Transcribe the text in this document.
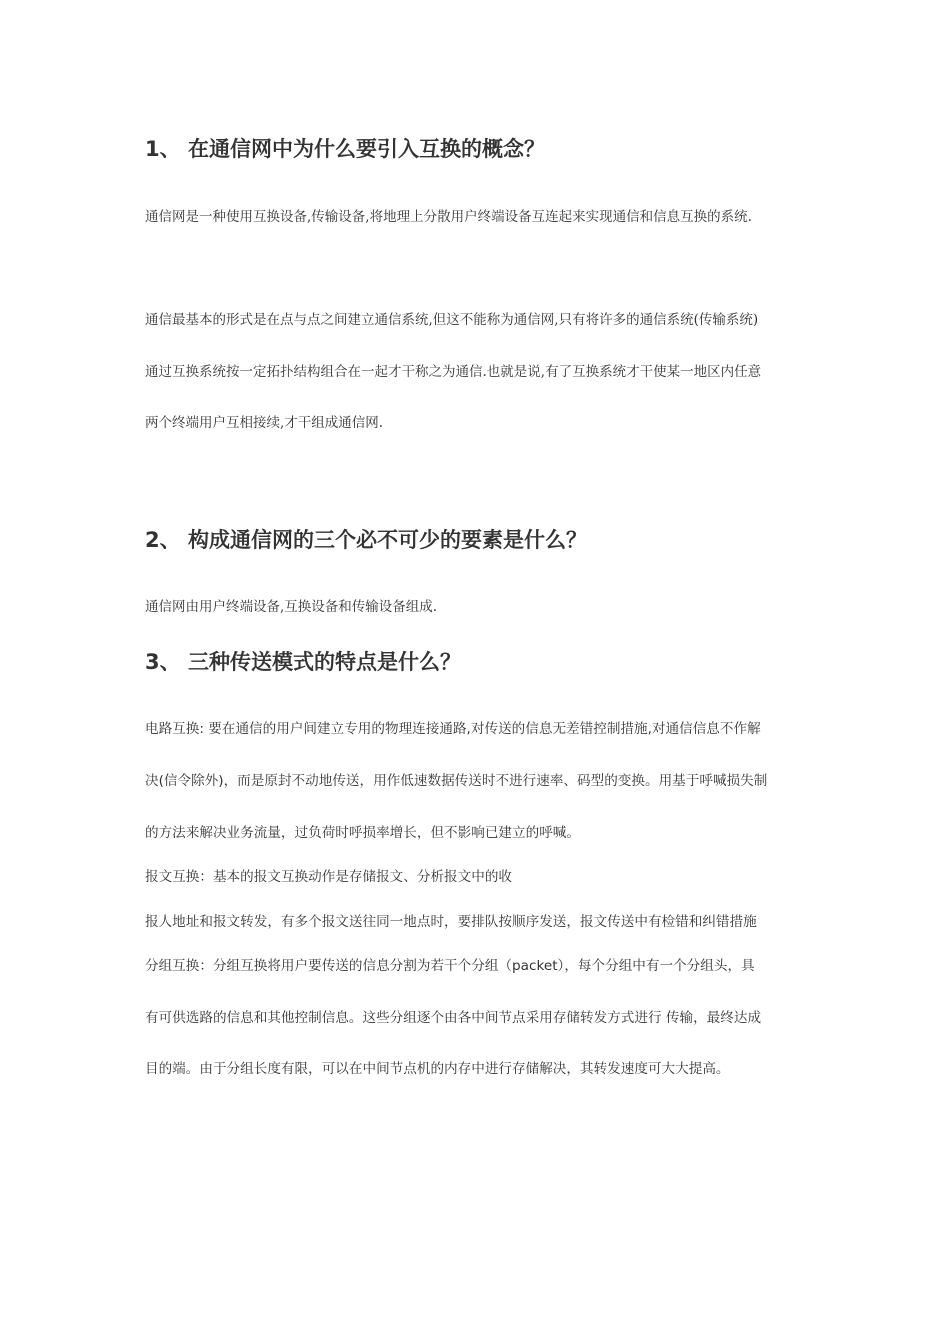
1、 在通信网中为什么要引入互换的概念？

通信网是一种使用互换设备,传输设备,将地理上分散用户终端设备互连起来实现通信和信息互换的系统.

通信最基本的形式是在点与点之间建立通信系统,但这不能称为通信网,只有将许多的通信系统(传输系统)

通过互换系统按一定拓扑结构组合在一起才干称之为通信.也就是说,有了互换系统才干使某一地区内任意

两个终端用户互相接续,才干组成通信网.

2、 构成通信网的三个必不可少的要素是什么？

通信网由用户终端设备,互换设备和传输设备组成.

3、 三种传送模式的特点是什么？

电路互换: 要在通信的用户间建立专用的物理连接通路,对传送的信息无差错控制措施,对通信信息不作解

决(信令除外)，而是原封不动地传送，用作低速数据传送时不进行速率、码型的变换。用基于呼喊损失制

的方法来解决业务流量，过负荷时呼损率增长，但不影响已建立的呼喊。

报文互换：基本的报文互换动作是存储报文、分析报文中的收

报人地址和报文转发，有多个报文送往同一地点时，要排队按顺序发送，报文传送中有检错和纠错措施

分组互换：分组互换将用户要传送的信息分割为若干个分组（packet），每个分组中有一个分组头，具

有可供选路的信息和其他控制信息。这些分组逐个由各中间节点采用存储转发方式进行 传输，最终达成

目的端。由于分组长度有限，可以在中间节点机的内存中进行存储解决，其转发速度可大大提高。
